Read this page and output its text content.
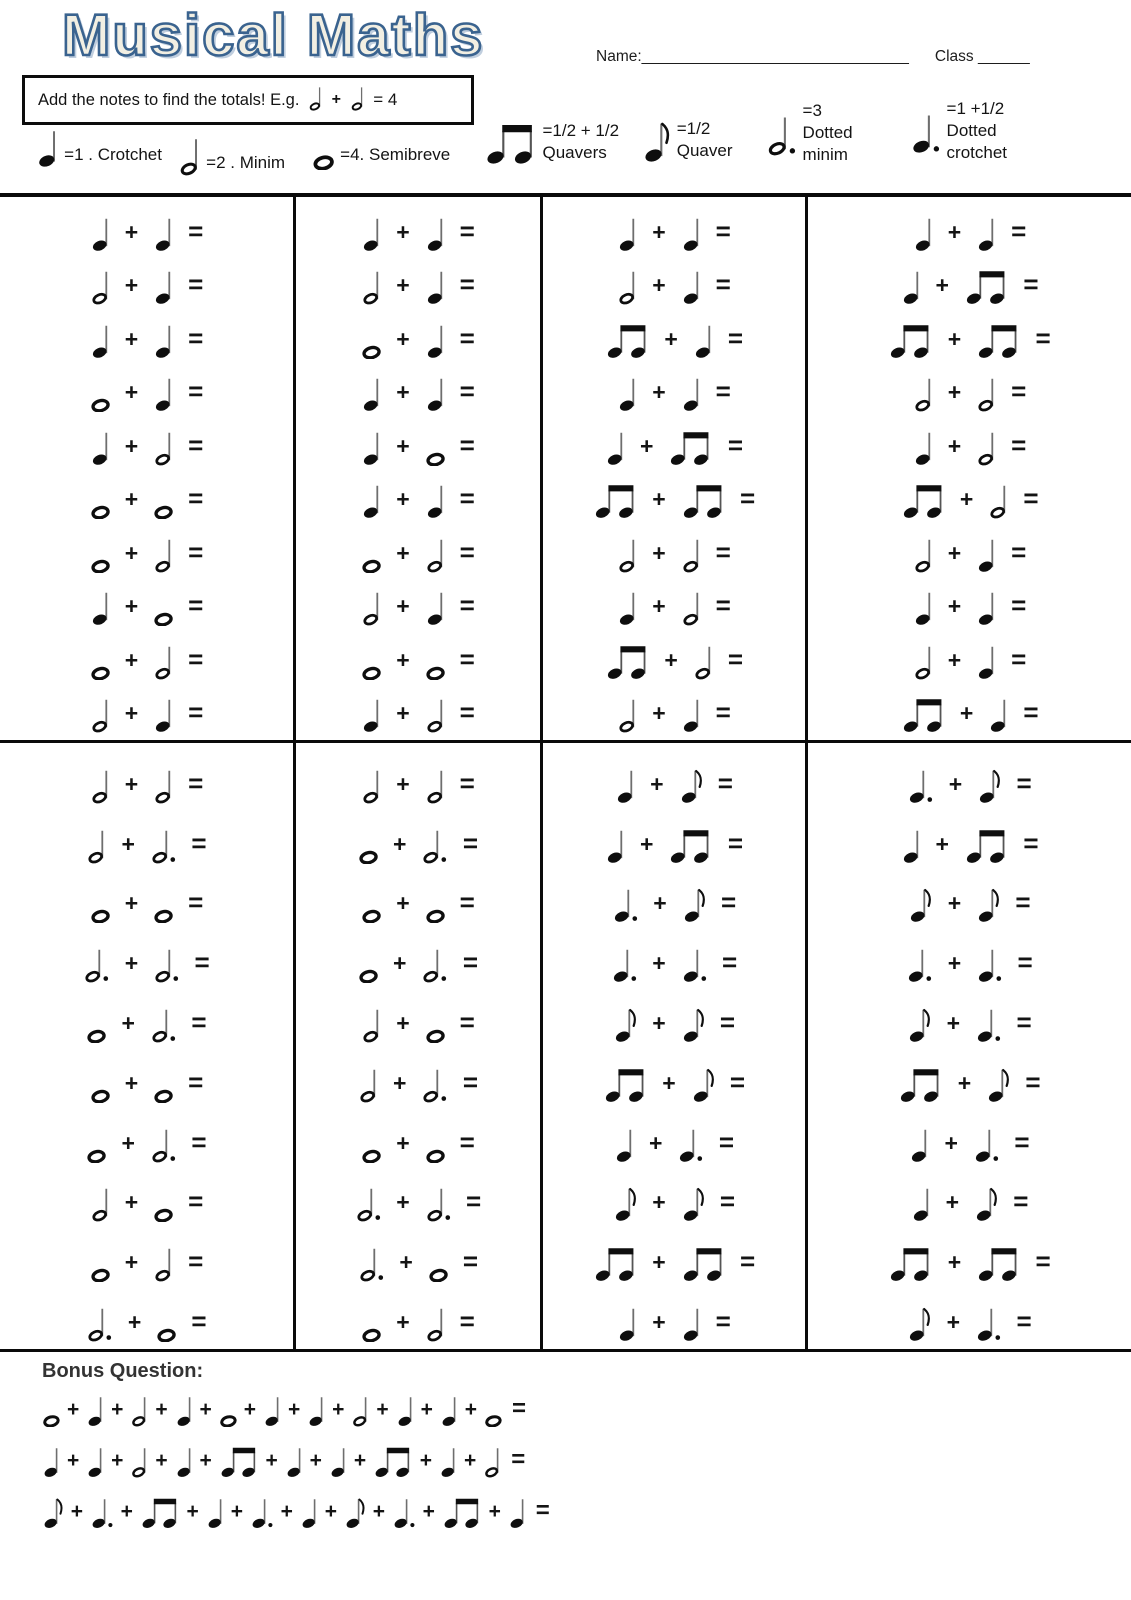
Musical Maths	Name:_______________________________ Class ______
Add the notes to find the totals! E.g. + = 4
=1 . Crotchet	=2 . Minim	=4. Semibreve
=1/2 + 1/2
Quavers
=1/2
Quaver
=3
Dotted
minim
=1 +1/2
Dotted
crotchet
+ =
+ =
+ =
+ =
+ =
+ =
+ =
+ =
+ =
+ =
+ =
+ =
+ =
+ =
+ =
+ =
+ =
+ =
+ =
+ =
+ =
+ =
+ =
+ =
+	=
+	=
+ =
+ =
+ =
+ =
+ =
+	=
+	=
+ =
+ =
+ =
+ =
+ =
+ =
+ =
+ =
+ =
+ =
+ =
+ =
+ =
+ =
+ =
+ =
+ =
+ =
+ =
+ =
+ =
+ =
+ =
+ =
+ =
+ =
+ =
+ =
+	=
+ =
+ =
+ =
+ =
+ =
+ =
+	=
+ =
+ =
+	=
+ =
+ =
+ =
+ =
+ =
+ =
+	=
+ =
Bonus Question:
+ + + + + + + + + + =
+ + + +	+ + +	+ + =
+ +	+ + + + + +	+ =
